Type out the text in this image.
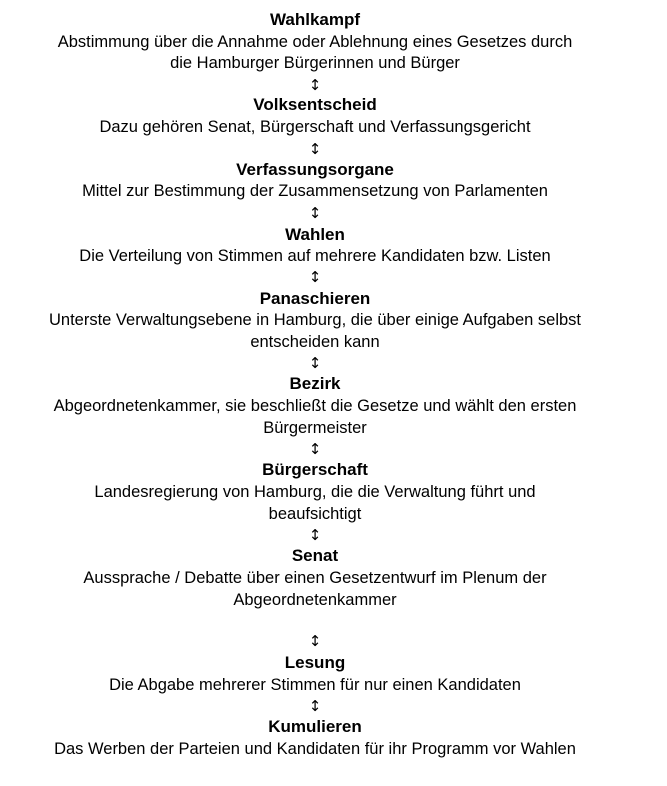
Wahlkampf
Abstimmung über die Annahme oder Ablehnung eines Gesetzes durch
die Hamburger Bürgerinnen und Bürger
↕
Volksentscheid
Dazu gehören Senat, Bürgerschaft und Verfassungsgericht
↕
Verfassungsorgane
Mittel zur Bestimmung der Zusammensetzung von Parlamenten
↕
Wahlen
Die Verteilung von Stimmen auf mehrere Kandidaten bzw. Listen
↕
Panaschieren
Unterste Verwaltungsebene in Hamburg, die über einige Aufgaben selbst
entscheiden kann
↕
Bezirk
Abgeordnetenkammer, sie beschließt die Gesetze und wählt den ersten
Bürgermeister
↕
Bürgerschaft
Landesregierung von Hamburg, die die Verwaltung führt und
beaufsichtigt
↕
Senat
Aussprache / Debatte über einen Gesetzentwurf im Plenum der
Abgeordnetenkammer
↕
Lesung
Die Abgabe mehrerer Stimmen für nur einen Kandidaten
↕
Kumulieren
Das Werben der Parteien und Kandidaten für ihr Programm vor Wahlen
